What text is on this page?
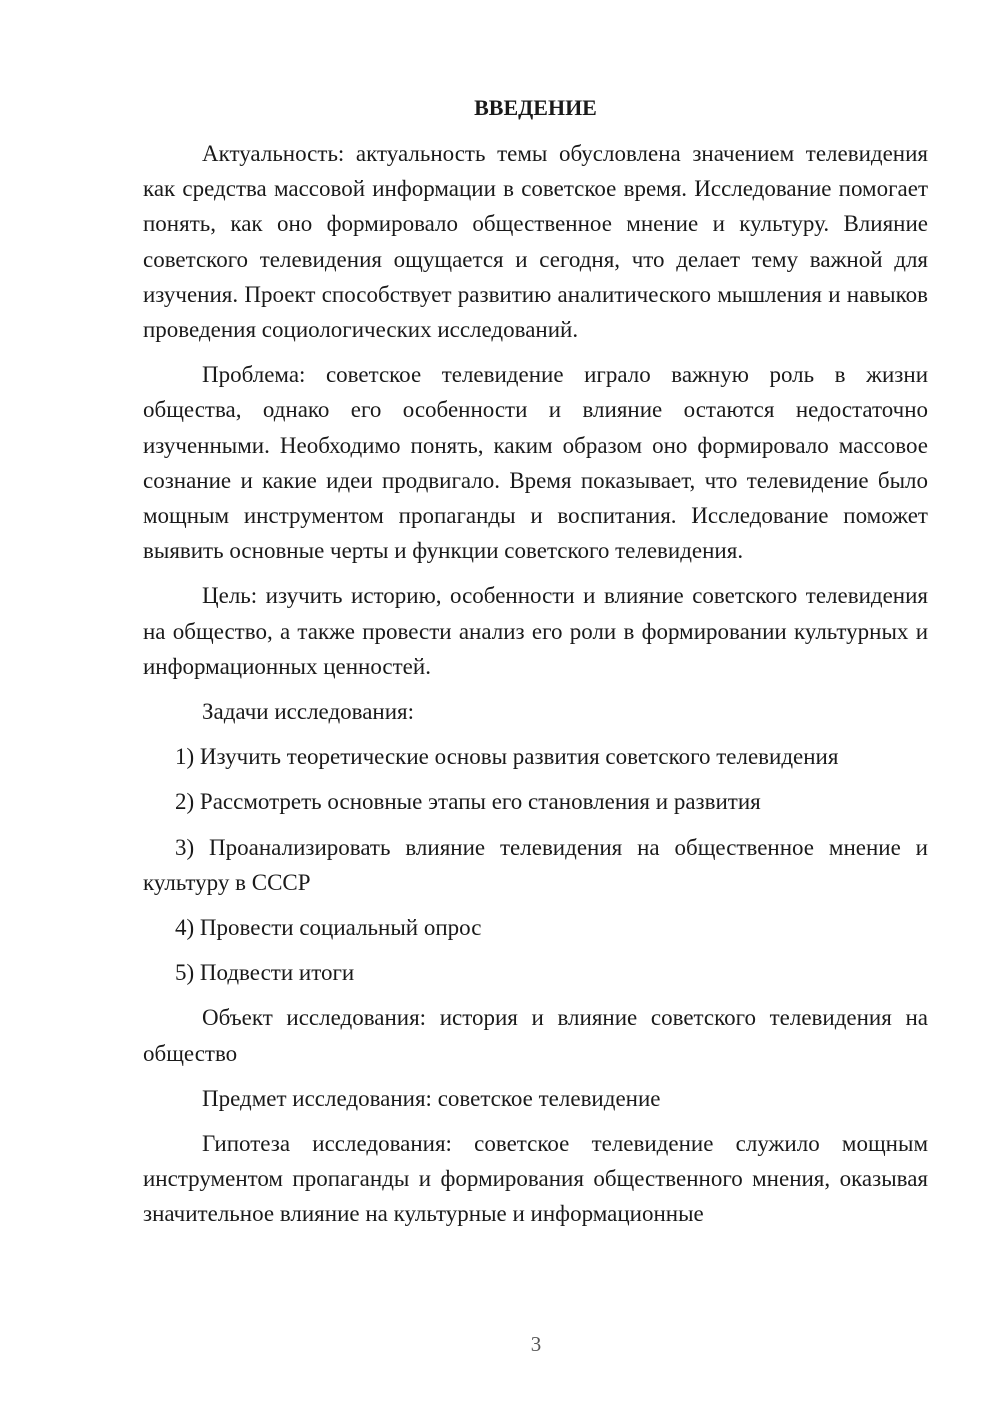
ВВЕДЕНИЕ

Актуальность: актуальность темы обусловлена значением телевидения как средства массовой информации в советское время. Исследование помогает понять, как оно формировало общественное мнение и культуру. Влияние советского телевидения ощущается и сегодня, что делает тему важной для изучения. Проект способствует развитию аналитического мышления и навыков проведения социологических исследований.

Проблема: советское телевидение играло важную роль в жизни общества, однако его особенности и влияние остаются недостаточно изученными. Необходимо понять, каким образом оно формировало массовое сознание и какие идеи продвигало. Время показывает, что телевидение было мощным инструментом пропаганды и воспитания. Исследование поможет выявить основные черты и функции советского телевидения.

Цель: изучить историю, особенности и влияние советского телевидения на общество, а также провести анализ его роли в формировании культурных и информационных ценностей.

Задачи исследования:

1) Изучить теоретические основы развития советского телевидения

2) Рассмотреть основные этапы его становления и развития

3) Проанализировать влияние телевидения на общественное мнение и культуру в СССР

4) Провести социальный опрос

5) Подвести итоги

Объект исследования: история и влияние советского телевидения на общество

Предмет исследования: советское телевидение

Гипотеза исследования: советское телевидение служило мощным инструментом пропаганды и формирования общественного мнения, оказывая значительное влияние на культурные и информационные

3
